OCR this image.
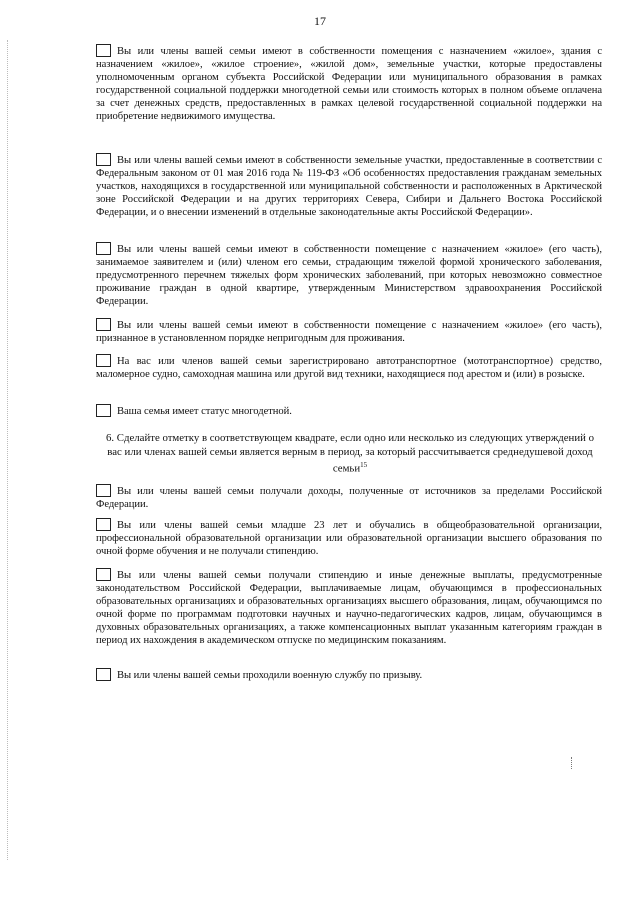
17
Вы или члены вашей семьи имеют в собственности помещения с назначением «жилое», здания с назначением «жилое», «жилое строение», «жилой дом», земельные участки, которые предоставлены уполномоченным органом субъекта Российской Федерации или муниципального образования в рамках государственной социальной поддержки многодетной семьи или стоимость которых в полном объеме оплачена за счет денежных средств, предоставленных в рамках целевой государственной социальной поддержки на приобретение недвижимого имущества.
Вы или члены вашей семьи имеют в собственности земельные участки, предоставленные в соответствии с Федеральным законом от 01 мая 2016 года № 119-ФЗ «Об особенностях предоставления гражданам земельных участков, находящихся в государственной или муниципальной собственности и расположенных в Арктической зоне Российской Федерации и на других территориях Севера, Сибири и Дальнего Востока Российской Федерации, и о внесении изменений в отдельные законодательные акты Российской Федерации».
Вы или члены вашей семьи имеют в собственности помещение с назначением «жилое» (его часть), занимаемое заявителем и (или) членом его семьи, страдающим тяжелой формой хронического заболевания, предусмотренного перечнем тяжелых форм хронических заболеваний, при которых невозможно совместное проживание граждан в одной квартире, утвержденным Министерством здравоохранения Российской Федерации.
Вы или члены вашей семьи имеют в собственности помещение с назначением «жилое» (его часть), признанное в установленном порядке непригодным для проживания.
На вас или членов вашей семьи зарегистрировано автотранспортное (мототранспортное) средство, маломерное судно, самоходная машина или другой вид техники, находящиеся под арестом и (или) в розыске.
Ваша семья имеет статус многодетной.
6. Сделайте отметку в соответствующем квадрате, если одно или несколько из следующих утверждений о вас или членах вашей семьи является верным в период, за который рассчитывается среднедушевой доход семьи$^{15}$
Вы или члены вашей семьи получали доходы, полученные от источников за пределами Российской Федерации.
Вы или члены вашей семьи младше 23 лет и обучались в общеобразовательной организации, профессиональной образовательной организации или образовательной организации высшего образования по очной форме обучения и не получали стипендию.
Вы или члены вашей семьи получали стипендию и иные денежные выплаты, предусмотренные законодательством Российской Федерации, выплачиваемые лицам, обучающимся в профессиональных образовательных организациях и образовательных организациях высшего образования, лицам, обучающимся по очной форме по программам подготовки научных и научно-педагогических кадров, лицам, обучающимся в духовных образовательных организациях, а также компенсационных выплат указанным категориям граждан в период их нахождения в академическом отпуске по медицинским показаниям.
Вы или члены вашей семьи проходили военную службу по призыву.
